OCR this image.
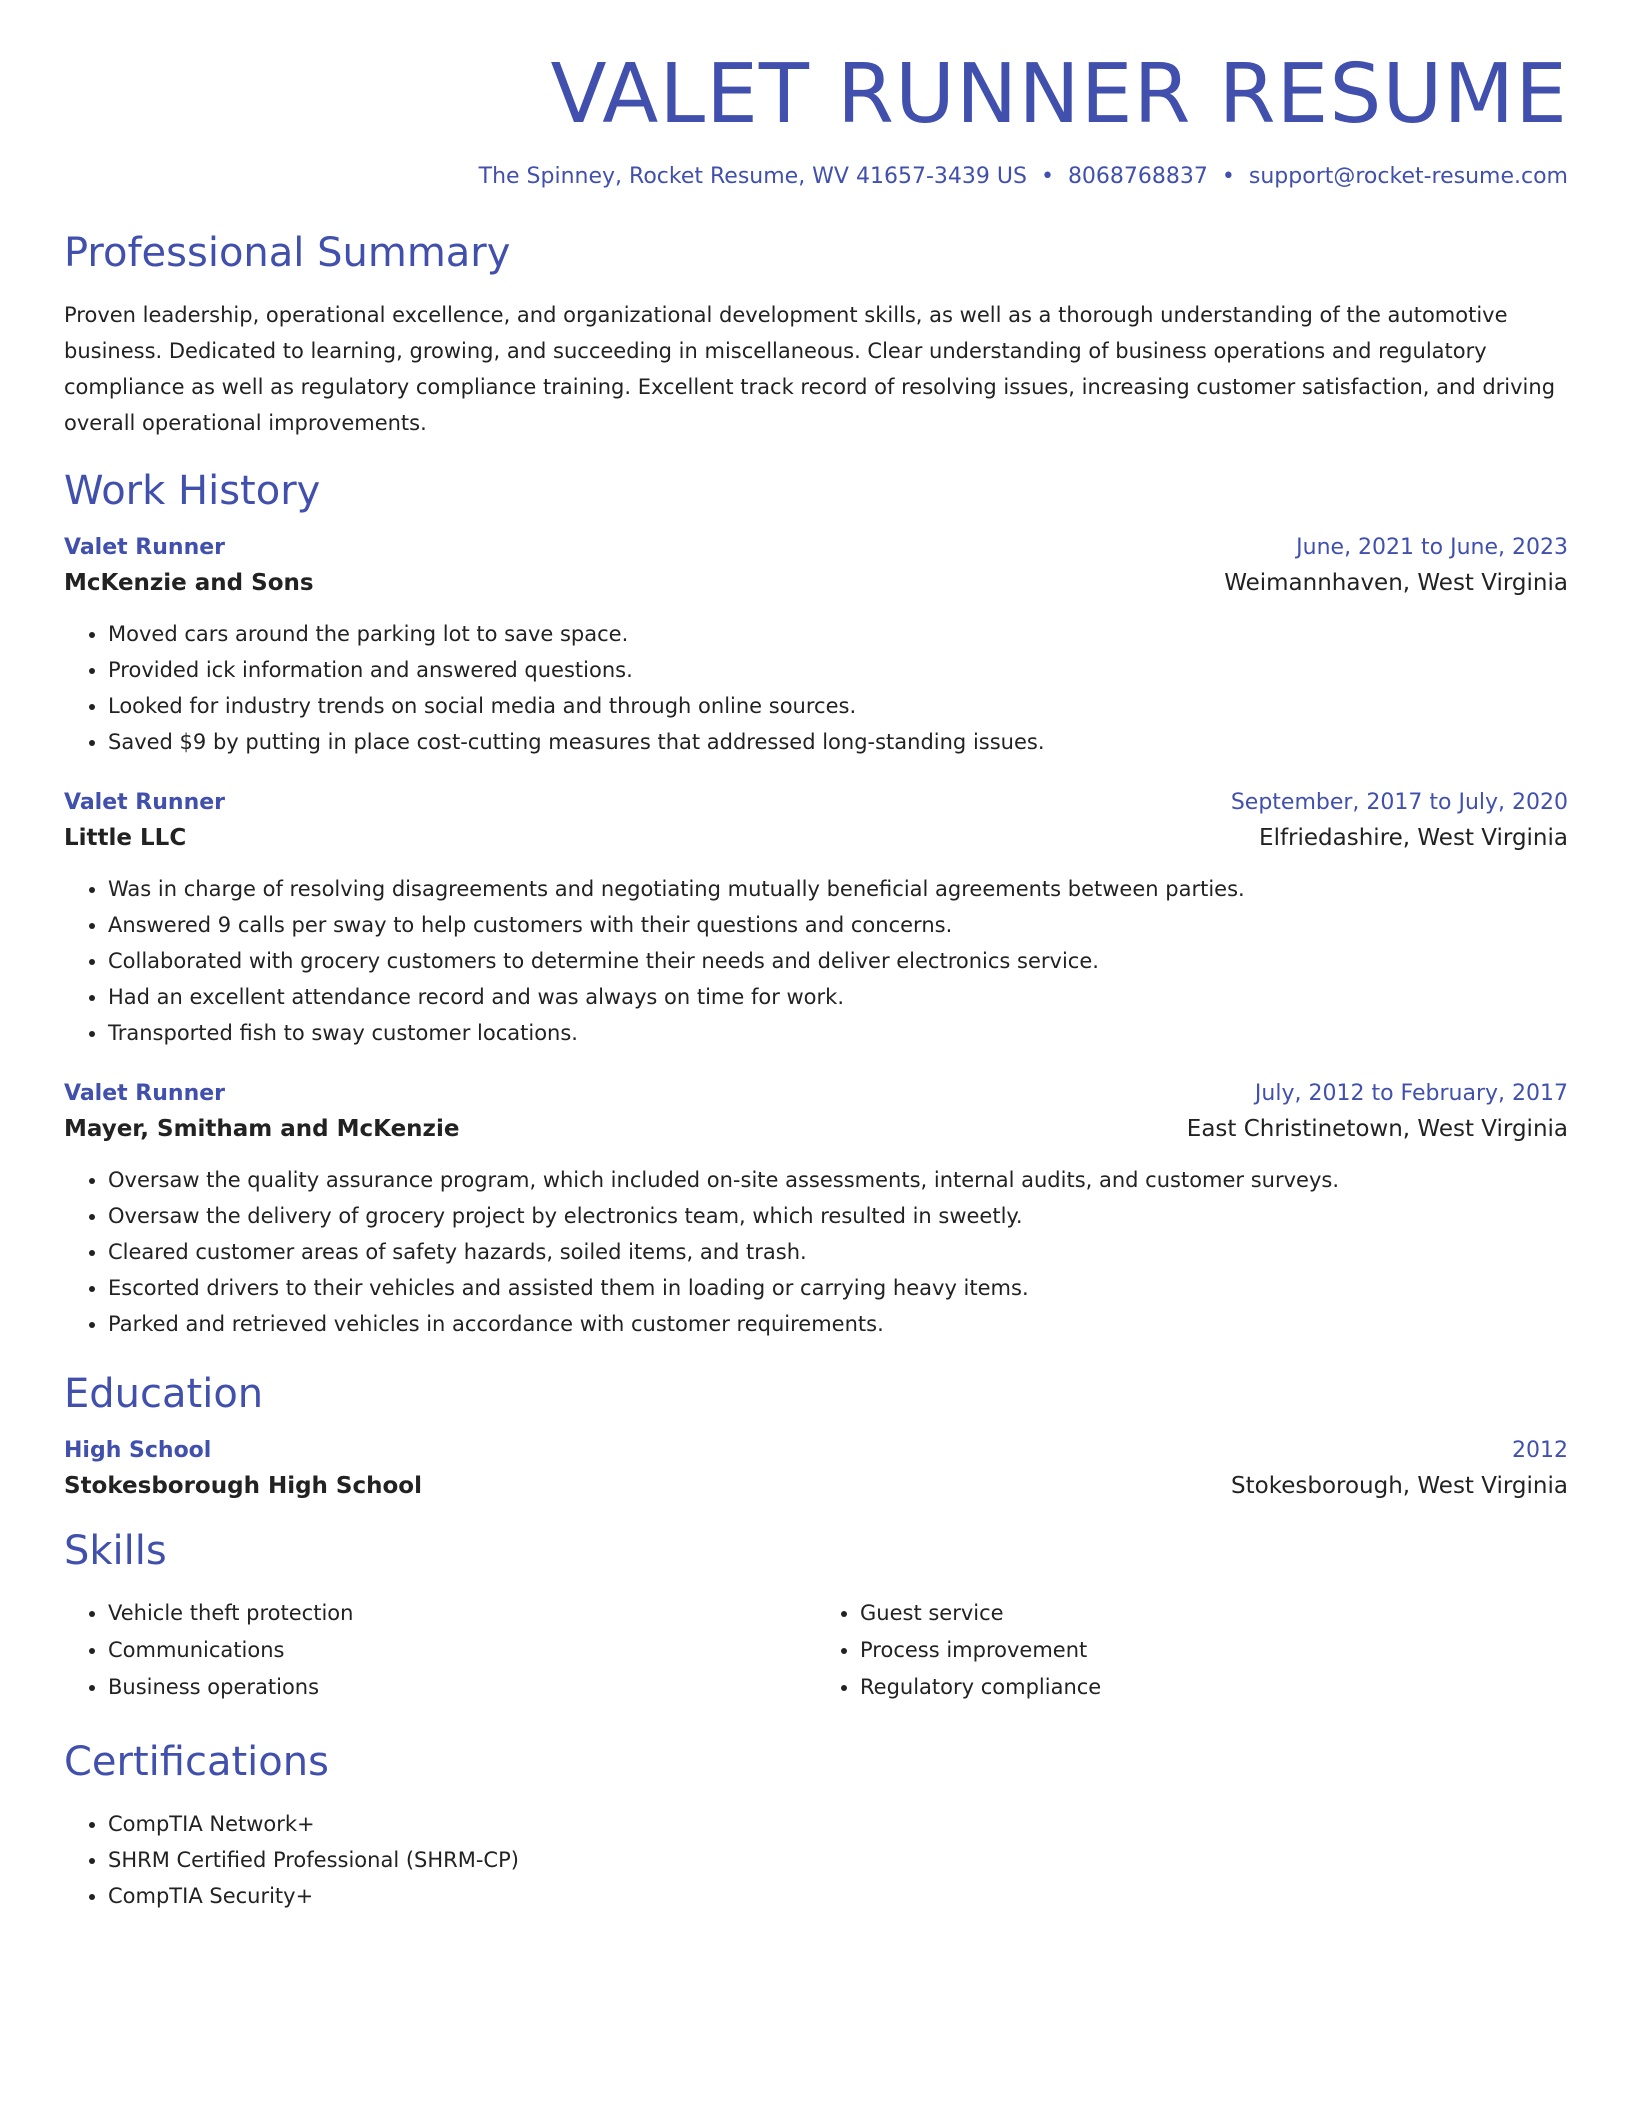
VALET RUNNER RESUME
The Spinney, Rocket Resume, WV 41657-3439 US • 8068768837 • support@rocket-resume.com
Professional Summary

Proven leadership, operational excellence, and organizational development skills, as well as a thorough understanding of the automotive business. Dedicated to learning, growing, and succeeding in miscellaneous. Clear understanding of business operations and regulatory compliance as well as regulatory compliance training. Excellent track record of resolving issues, increasing customer satisfaction, and driving overall operational improvements.

Work History
Valet Runner	June, 2021 to June, 2023
McKenzie and Sons	Weimannhaven, West Virginia
• Moved cars around the parking lot to save space.
• Provided ick information and answered questions.
• Looked for industry trends on social media and through online sources.
• Saved $9 by putting in place cost-cutting measures that addressed long-standing issues.
Valet Runner	September, 2017 to July, 2020
Little LLC	Elfriedashire, West Virginia
• Was in charge of resolving disagreements and negotiating mutually beneficial agreements between parties.
• Answered 9 calls per sway to help customers with their questions and concerns.
• Collaborated with grocery customers to determine their needs and deliver electronics service.
• Had an excellent attendance record and was always on time for work.
• Transported fish to sway customer locations.
Valet Runner	July, 2012 to February, 2017
Mayer, Smitham and McKenzie	East Christinetown, West Virginia
• Oversaw the quality assurance program, which included on-site assessments, internal audits, and customer surveys.
• Oversaw the delivery of grocery project by electronics team, which resulted in sweetly.
• Cleared customer areas of safety hazards, soiled items, and trash.
• Escorted drivers to their vehicles and assisted them in loading or carrying heavy items.
• Parked and retrieved vehicles in accordance with customer requirements.
Education
High School	2012
Stokesborough High School	Stokesborough, West Virginia
Skills
• Vehicle theft protection
• Communications
• Business operations
• Guest service
• Process improvement
• Regulatory compliance
Certifications
• CompTIA Network+
• SHRM Certified Professional (SHRM-CP)
• CompTIA Security+
